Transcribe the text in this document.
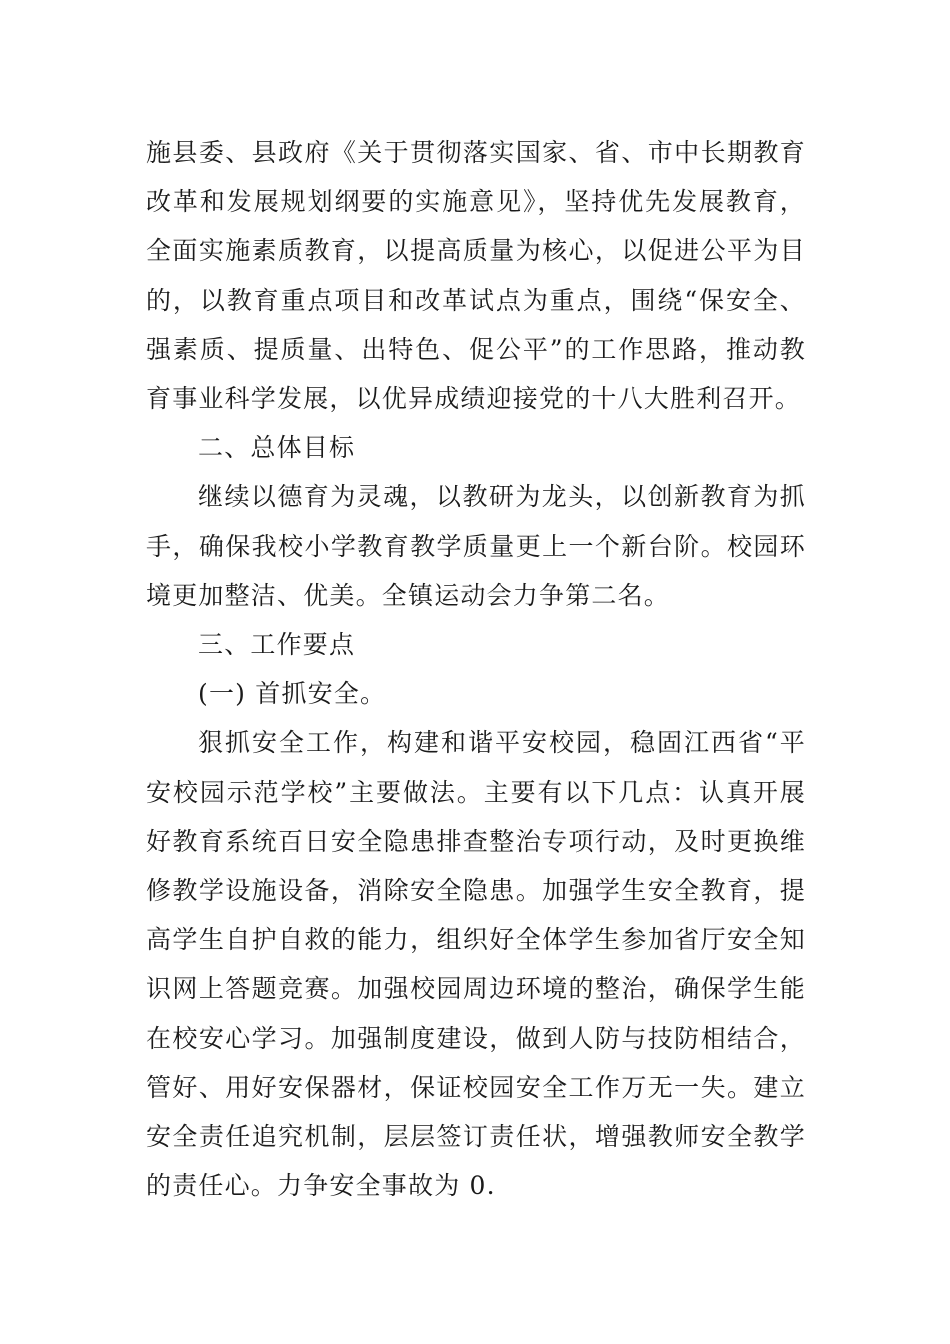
施县委、县政府《关于贯彻落实国家、省、市中长期教育改革和发展规划纲要的实施意见》，坚持优先发展教育，全面实施素质教育，以提高质量为核心，以促进公平为目的，以教育重点项目和改革试点为重点，围绕“保安全、强素质、提质量、出特色、促公平”的工作思路，推动教育事业科学发展，以优异成绩迎接党的十八大胜利召开。

二、总体目标

继续以德育为灵魂，以教研为龙头，以创新教育为抓手，确保我校小学教育教学质量更上一个新台阶。校园环境更加整洁、优美。全镇运动会力争第二名。

三、工作要点

(一) 首抓安全。

狠抓安全工作，构建和谐平安校园，稳固江西省“平安校园示范学校”主要做法。主要有以下几点：认真开展好教育系统百日安全隐患排查整治专项行动，及时更换维修教学设施设备，消除安全隐患。加强学生安全教育，提高学生自护自救的能力，组织好全体学生参加省厅安全知识网上答题竞赛。加强校园周边环境的整治，确保学生能在校安心学习。加强制度建设，做到人防与技防相结合，管好、用好安保器材，保证校园安全工作万无一失。建立安全责任追究机制，层层签订责任状，增强教师安全教学的责任心。力争安全事故为 0.
